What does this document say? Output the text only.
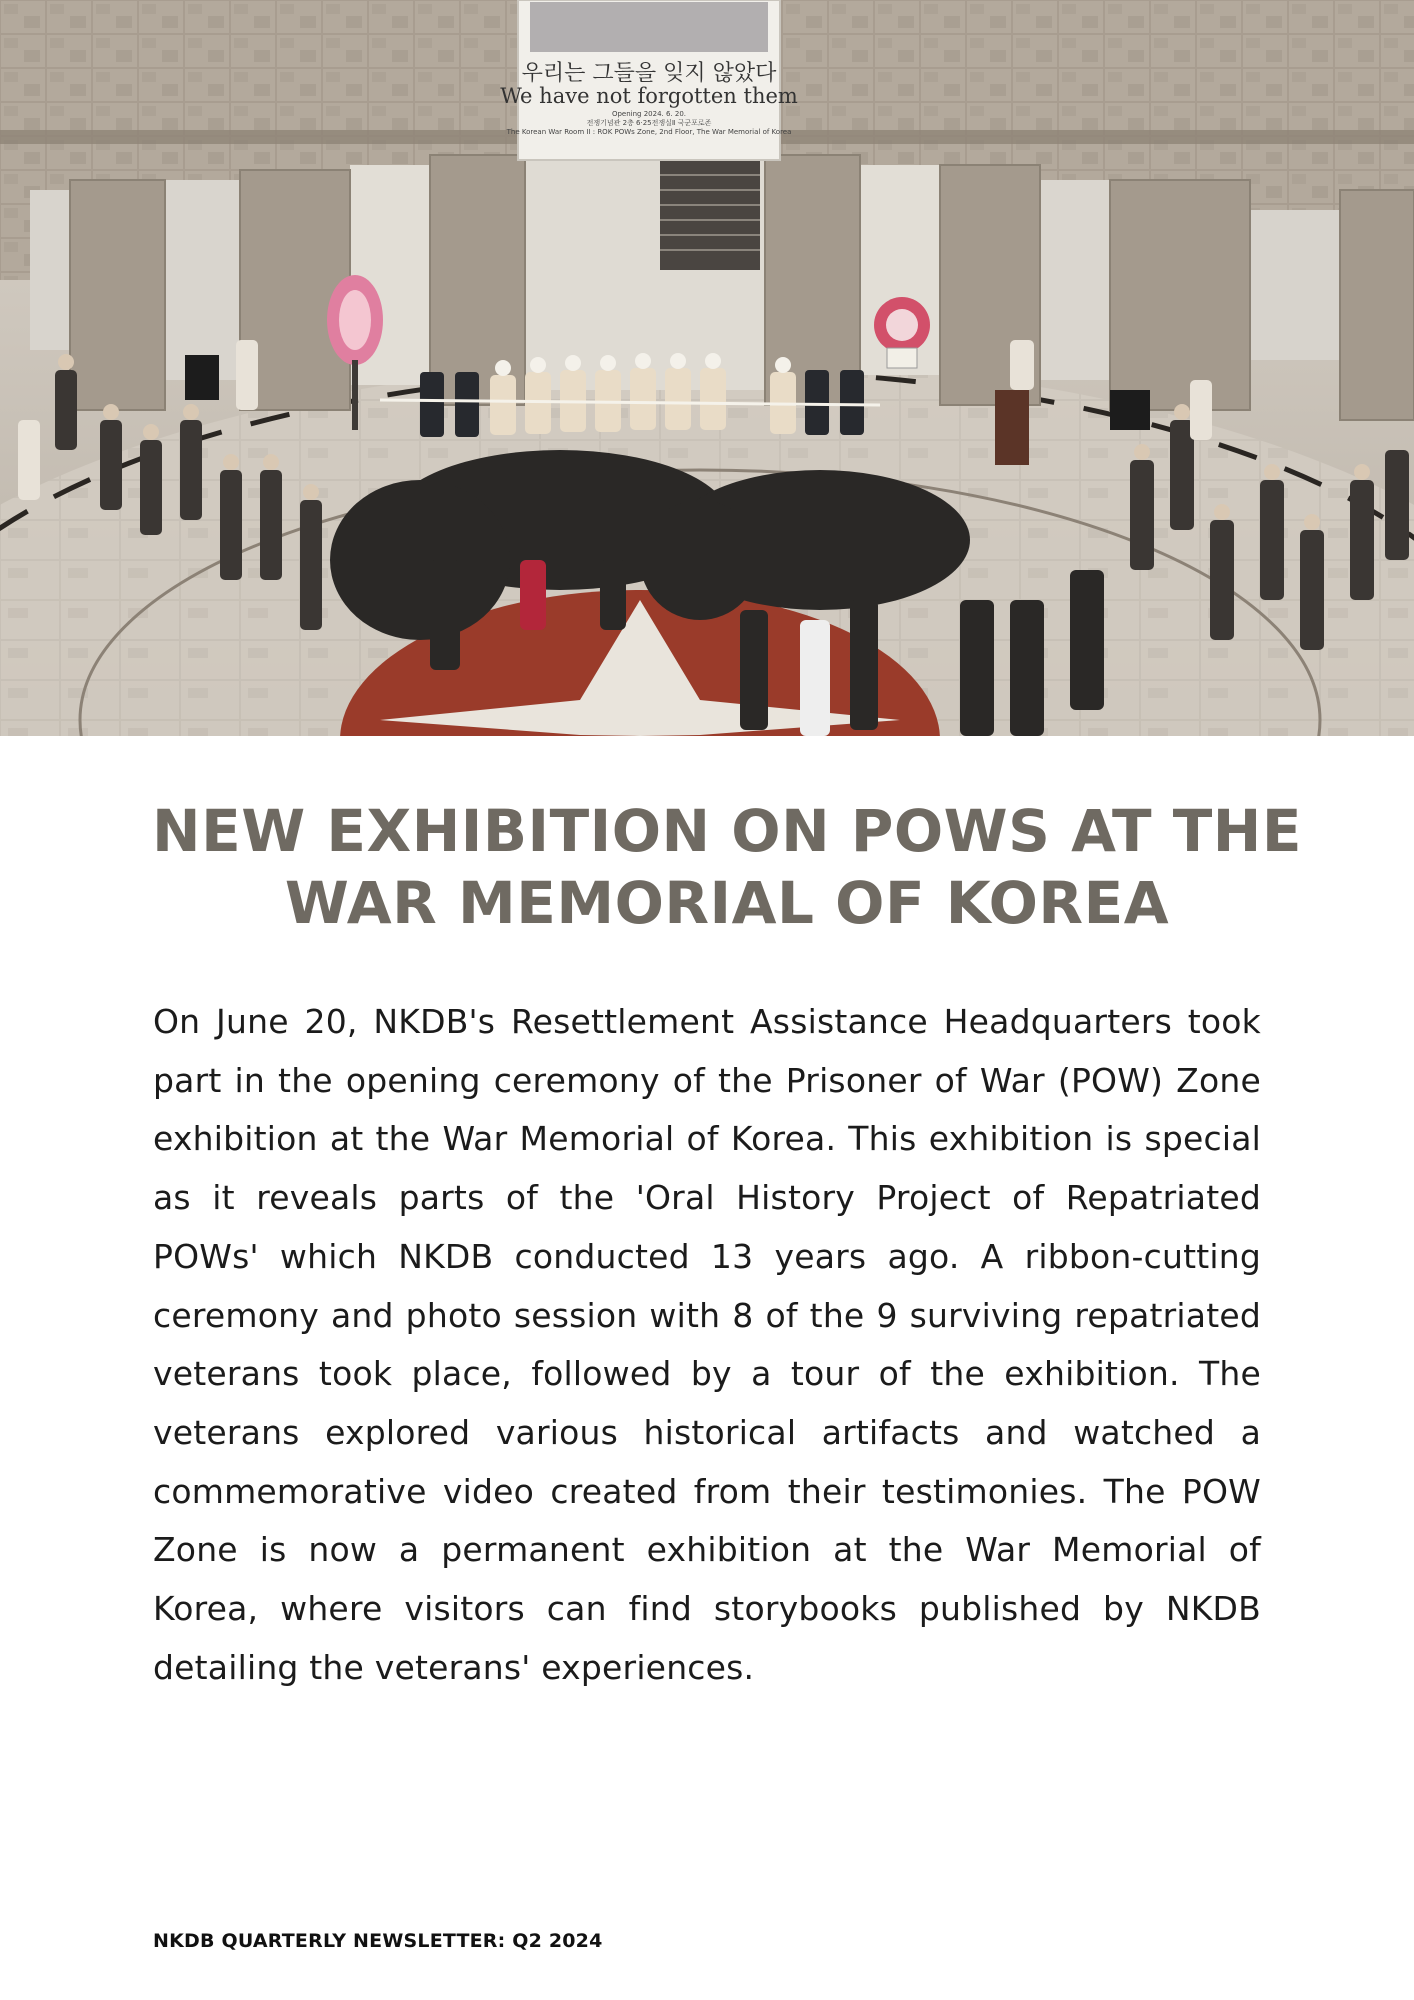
우리는 그들을 잊지 않았다
We have not forgotten them
Opening 2024. 6. 20.
전쟁기념관 2층 6·25전쟁실Ⅱ 국군포로존
The Korean War Room II : ROK POWs Zone, 2nd Floor, The War Memorial of Korea
NEW EXHIBITION ON POWS AT THE
WAR MEMORIAL OF KOREA

On June 20, NKDB's Resettlement Assistance Headquarters took part in the opening ceremony of the Prisoner of War (POW) Zone exhibition at the War Memorial of Korea. This exhibition is special as it reveals parts of the 'Oral History Project of Repatriated POWs' which NKDB conducted 13 years ago. A ribbon-cutting ceremony and photo session with 8 of the 9 surviving repatriated veterans took place, followed by a tour of the exhibition. The veterans explored various historical artifacts and watched a commemorative video created from their testimonies. The POW Zone is now a permanent exhibition at the War Memorial of Korea, where visitors can find storybooks published by NKDB detailing the veterans' experiences.

NKDB QUARTERLY NEWSLETTER: Q2 2024
